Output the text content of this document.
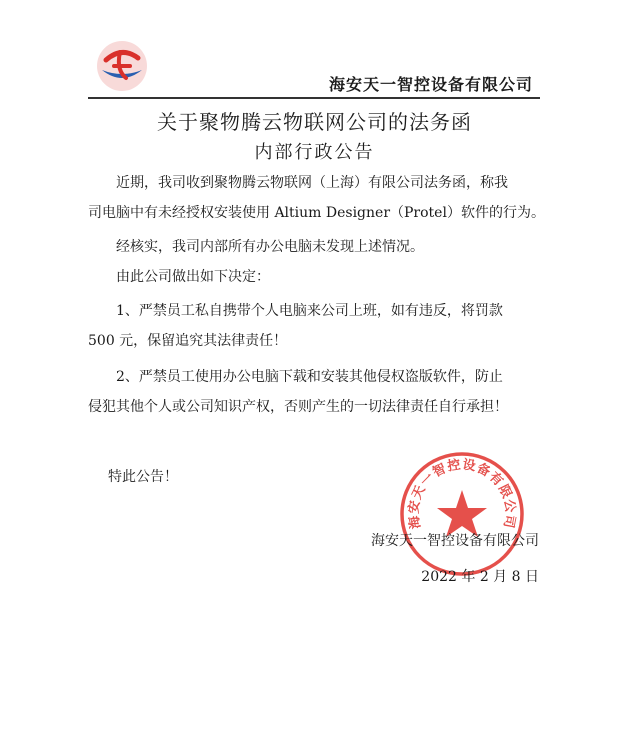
海安天一智控设备有限公司
关于聚物腾云物联网公司的法务函
内部行政公告
近期，我司收到聚物腾云物联网（上海）有限公司法务函，称我
司电脑中有未经授权安装使用 Altium Designer（Protel）软件的行为。
经核实，我司内部所有办公电脑未发现上述情况。
由此公司做出如下决定：
1、严禁员工私自携带个人电脑来公司上班，如有违反，将罚款
500 元，保留追究其法律责任！
2、严禁员工使用办公电脑下载和安装其他侵权盗版软件，防止
侵犯其他个人或公司知识产权，否则产生的一切法律责任自行承担！
特此公告！
海安天一智控设备有限公司
海安天一智控设备有限公司
2022 年 2 月 8 日
